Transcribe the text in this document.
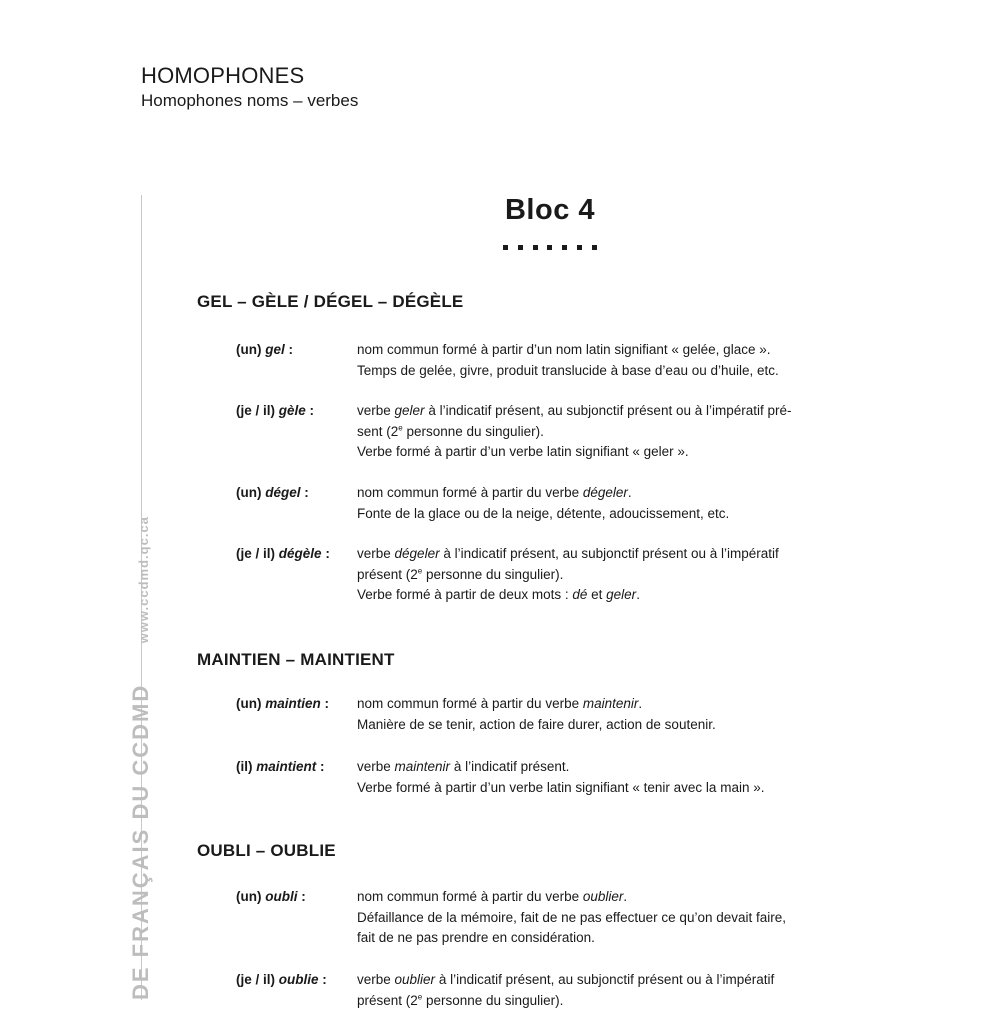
HOMOPHONES
Homophones noms – verbes
DE FRANÇAIS DU CCDMD www.ccdmd.qc.ca
Bloc 4
GEL – GÈLE / DÉGEL – DÉGÈLE
(un) gel :	nom commun formé à partir d’un nom latin signifiant « gelée, glace ».

Temps de gelée, givre, produit translucide à base d’eau ou d’huile, etc.

(je / il) gèle :	verbe geler à l’indicatif présent, au subjonctif présent ou à l’impératif pré-

sent (2e personne du singulier).

Verbe formé à partir d’un verbe latin signifiant « geler ».

(un) dégel :	nom commun formé à partir du verbe dégeler.

Fonte de la glace ou de la neige, détente, adoucissement, etc.

(je / il) dégèle : verbe dégeler à l’indicatif présent, au subjonctif présent ou à l’impératif

présent (2e personne du singulier).

Verbe formé à partir de deux mots : dé et geler.

MAINTIEN – MAINTIENT
(un) maintien : nom commun formé à partir du verbe maintenir.

Manière de se tenir, action de faire durer, action de soutenir.

(il) maintient : verbe maintenir à l’indicatif présent.

Verbe formé à partir d’un verbe latin signifiant « tenir avec la main ».

OUBLI – OUBLIE
(un) oubli :	nom commun formé à partir du verbe oublier.

Défaillance de la mémoire, fait de ne pas effectuer ce qu’on devait faire,

fait de ne pas prendre en considération.

(je / il) oublie : verbe oublier à l’indicatif présent, au subjonctif présent ou à l’impératif

présent (2e personne du singulier).
